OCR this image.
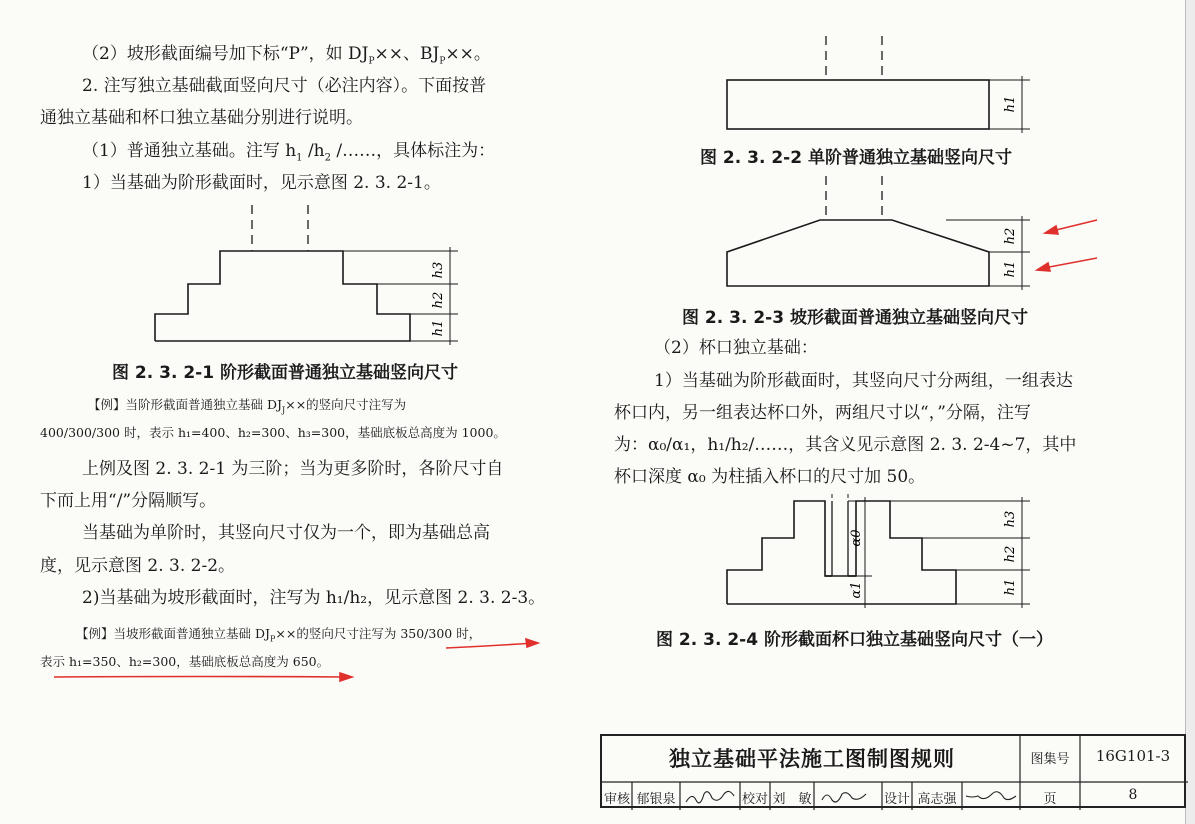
（2）坡形截面编号加下标“P”，如 $DJ_P\times\times$、$BJ_P\times\times$。
2. 注写独立基础截面竖向尺寸（必注内容）。下面按普
通独立基础和杯口独立基础分别进行说明。
（1）普通独立基础。注写 $h_1$ $/h_2$ /……，具体标注为：
1）当基础为阶形截面时，见示意图 2. 3. 2-1。
h3
h2
h1
图 2. 3. 2-1 阶形截面普通独立基础竖向尺寸
【例】当阶形截面普通独立基础 $DJ_J\times\times$的竖向尺寸注写为
400/300/300 时，表示 h₁=400、h₂=300、h₃=300，基础底板总高度为 1000。
上例及图 2. 3. 2-1 为三阶；当为更多阶时，各阶尺寸自
下而上用“/”分隔顺写。
当基础为单阶时，其竖向尺寸仅为一个，即为基础总高
度，见示意图 2. 3. 2-2。
2)当基础为坡形截面时，注写为 h₁/h₂，见示意图 2. 3. 2-3。
【例】当坡形截面普通独立基础 $DJ_P\times\times$的竖向尺寸注写为 350/300 时，
表示 h₁=350、h₂=300，基础底板总高度为 650。
h1
图 2. 3. 2-2 单阶普通独立基础竖向尺寸
h2
h1
图 2. 3. 2-3 坡形截面普通独立基础竖向尺寸
（2）杯口独立基础：
1）当基础为阶形截面时，其竖向尺寸分两组，一组表达
杯口内，另一组表达杯口外，两组尺寸以“，”分隔，注写
为：α₀/α₁，h₁/h₂/……，其含义见示意图 2. 3. 2-4~7，其中
杯口深度 α₀ 为柱插入杯口的尺寸加 50。
α0
α1
h3
h2
h1
图 2. 3. 2-4 阶形截面杯口独立基础竖向尺寸（一）
独立基础平法施工图制图规则	图集号	16G101-3
审核 郁银泉	校对 刘　敏	设计 高志强	页	8
